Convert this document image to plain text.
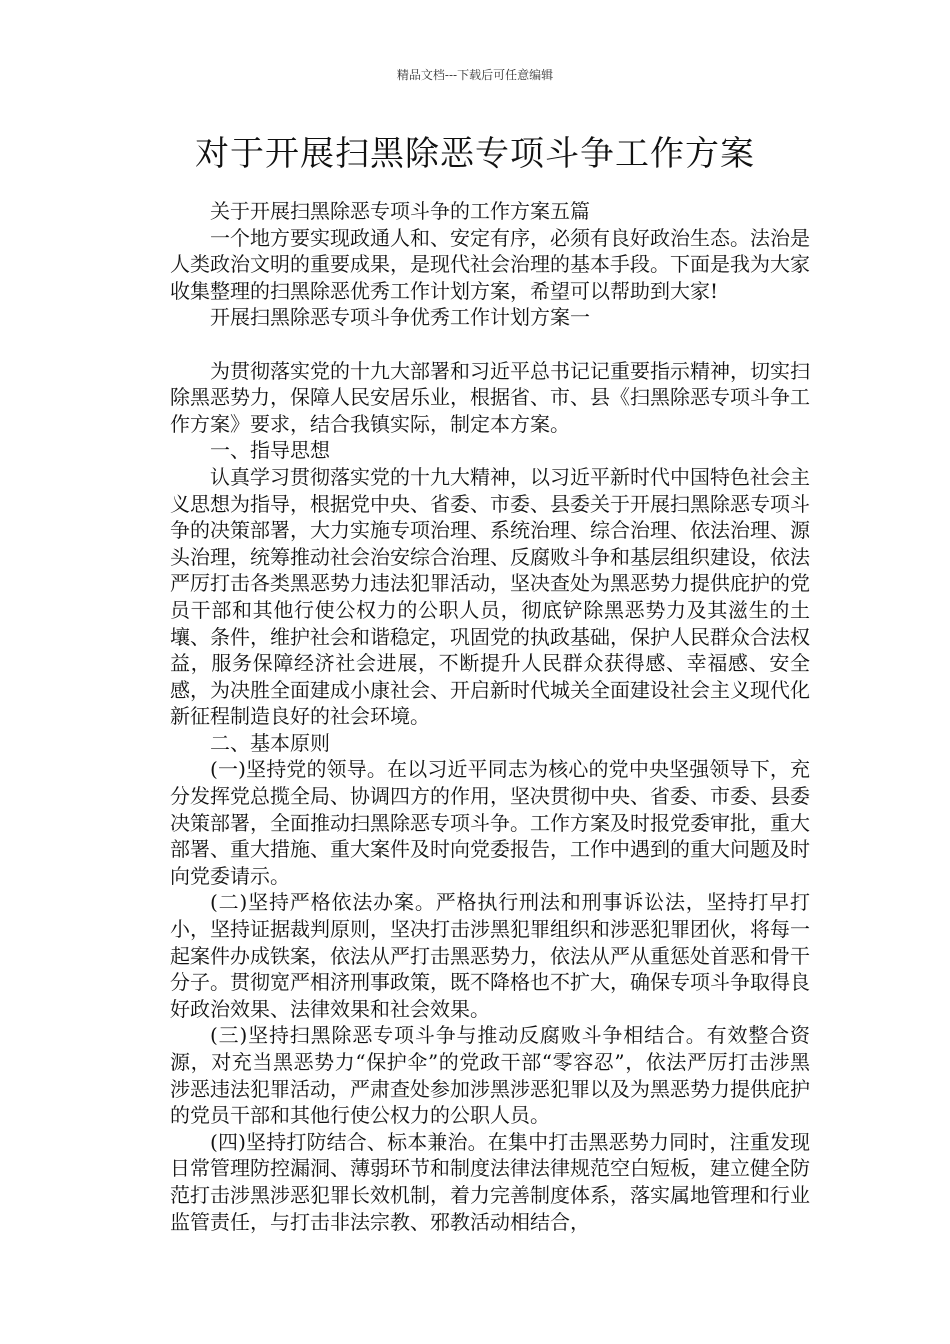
精品文档---下载后可任意编辑
对于开展扫黑除恶专项斗争工作方案

关于开展扫黑除恶专项斗争的工作方案五篇

一个地方要实现政通人和、安定有序，必须有良好政治生态。法治是人类政治文明的重要成果，是现代社会治理的基本手段。下面是我为大家收集整理的扫黑除恶优秀工作计划方案，希望可以帮助到大家!

开展扫黑除恶专项斗争优秀工作计划方案一

为贯彻落实党的十九大部署和习近平总书记记重要指示精神，切实扫除黑恶势力，保障人民安居乐业，根据省、市、县《扫黑除恶专项斗争工作方案》要求，结合我镇实际，制定本方案。

一、指导思想

认真学习贯彻落实党的十九大精神，以习近平新时代中国特色社会主义思想为指导，根据党中央、省委、市委、县委关于开展扫黑除恶专项斗争的决策部署，大力实施专项治理、系统治理、综合治理、依法治理、源头治理，统筹推动社会治安综合治理、反腐败斗争和基层组织建设，依法严厉打击各类黑恶势力违法犯罪活动，坚决查处为黑恶势力提供庇护的党员干部和其他行使公权力的公职人员，彻底铲除黑恶势力及其滋生的土壤、条件，维护社会和谐稳定，巩固党的执政基础，保护人民群众合法权益，服务保障经济社会进展，不断提升人民群众获得感、幸福感、安全感，为决胜全面建成小康社会、开启新时代城关全面建设社会主义现代化新征程制造良好的社会环境。

二、基本原则

(一)坚持党的领导。在以习近平同志为核心的党中央坚强领导下，充分发挥党总揽全局、协调四方的作用，坚决贯彻中央、省委、市委、县委决策部署，全面推动扫黑除恶专项斗争。工作方案及时报党委审批，重大部署、重大措施、重大案件及时向党委报告，工作中遇到的重大问题及时向党委请示。

(二)坚持严格依法办案。严格执行刑法和刑事诉讼法，坚持打早打小，坚持证据裁判原则，坚决打击涉黑犯罪组织和涉恶犯罪团伙，将每一起案件办成铁案，依法从严打击黑恶势力，依法从严从重惩处首恶和骨干分子。贯彻宽严相济刑事政策，既不降格也不扩大，确保专项斗争取得良好政治效果、法律效果和社会效果。

(三)坚持扫黑除恶专项斗争与推动反腐败斗争相结合。有效整合资源，对充当黑恶势力“保护伞”的党政干部“零容忍”，依法严厉打击涉黑涉恶违法犯罪活动，严肃查处参加涉黑涉恶犯罪以及为黑恶势力提供庇护的党员干部和其他行使公权力的公职人员。

(四)坚持打防结合、标本兼治。在集中打击黑恶势力同时，注重发现日常管理防控漏洞、薄弱环节和制度法律法律规范空白短板，建立健全防范打击涉黑涉恶犯罪长效机制，着力完善制度体系，落实属地管理和行业监管责任，与打击非法宗教、邪教活动相结合，
